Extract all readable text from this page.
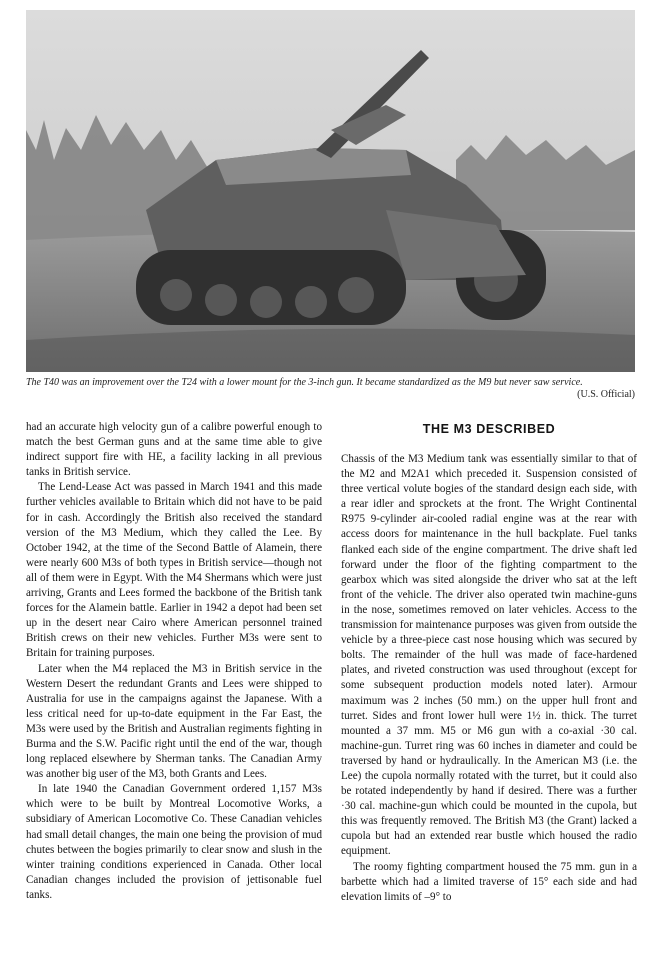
The T40 was an improvement over the T24 with a lower mount for the 3-inch gun. It became standardized as the M9 but never saw service.
(U.S. Official)

had an accurate high velocity gun of a calibre powerful enough to match the best German guns and at the same time able to give indirect support fire with HE, a facility lacking in all previous tanks in British service.

The Lend-Lease Act was passed in March 1941 and this made further vehicles available to Britain which did not have to be paid for in cash. Accordingly the British also received the standard version of the M3 Medium, which they called the Lee. By October 1942, at the time of the Second Battle of Alamein, there were nearly 600 M3s of both types in British service—though not all of them were in Egypt. With the M4 Shermans which were just arriving, Grants and Lees formed the backbone of the British tank forces for the Alamein battle. Earlier in 1942 a depot had been set up in the desert near Cairo where American personnel trained British crews on their new vehicles. Further M3s were sent to Britain for training purposes.

Later when the M4 replaced the M3 in British service in the Western Desert the redundant Grants and Lees were shipped to Australia for use in the campaigns against the Japanese. With a less critical need for up-to-date equipment in the Far East, the M3s were used by the British and Australian regiments fighting in Burma and the S.W. Pacific right until the end of the war, though long replaced elsewhere by Sherman tanks. The Canadian Army was another big user of the M3, both Grants and Lees.

In late 1940 the Canadian Government ordered 1,157 M3s which were to be built by Montreal Locomotive Works, a subsidiary of American Locomotive Co. These Canadian vehicles had small detail changes, the main one being the provision of mud chutes between the bogies primarily to clear snow and slush in the winter training conditions experienced in Canada. Other local Canadian changes included the provision of jettisonable fuel tanks.

THE M3 DESCRIBED

Chassis of the M3 Medium tank was essentially similar to that of the M2 and M2A1 which preceded it. Suspension consisted of three vertical volute bogies of the standard design each side, with a rear idler and sprockets at the front. The Wright Continental R975 9-cylinder air-cooled radial engine was at the rear with access doors for maintenance in the hull backplate. Fuel tanks flanked each side of the engine compartment. The drive shaft led forward under the floor of the fighting compartment to the gearbox which was sited alongside the driver who sat at the left front of the vehicle. The driver also operated twin machine-guns in the nose, sometimes removed on later vehicles. Access to the transmission for maintenance purposes was given from outside the vehicle by a three-piece cast nose housing which was secured by bolts. The remainder of the hull was made of face-hardened plates, and riveted construction was used throughout (except for some subsequent production models noted later). Armour maximum was 2 inches (50 mm.) on the upper hull front and turret. Sides and front lower hull were 1½ in. thick. The turret mounted a 37 mm. M5 or M6 gun with a co-axial ·30 cal. machine-gun. Turret ring was 60 inches in diameter and could be traversed by hand or hydraulically. In the American M3 (i.e. the Lee) the cupola normally rotated with the turret, but it could also be rotated independently by hand if desired. There was a further ·30 cal. machine-gun which could be mounted in the cupola, but this was frequently removed. The British M3 (the Grant) lacked a cupola but had an extended rear bustle which housed the radio equipment.

The roomy fighting compartment housed the 75 mm. gun in a barbette which had a limited traverse of 15° each side and had elevation limits of –9° to
